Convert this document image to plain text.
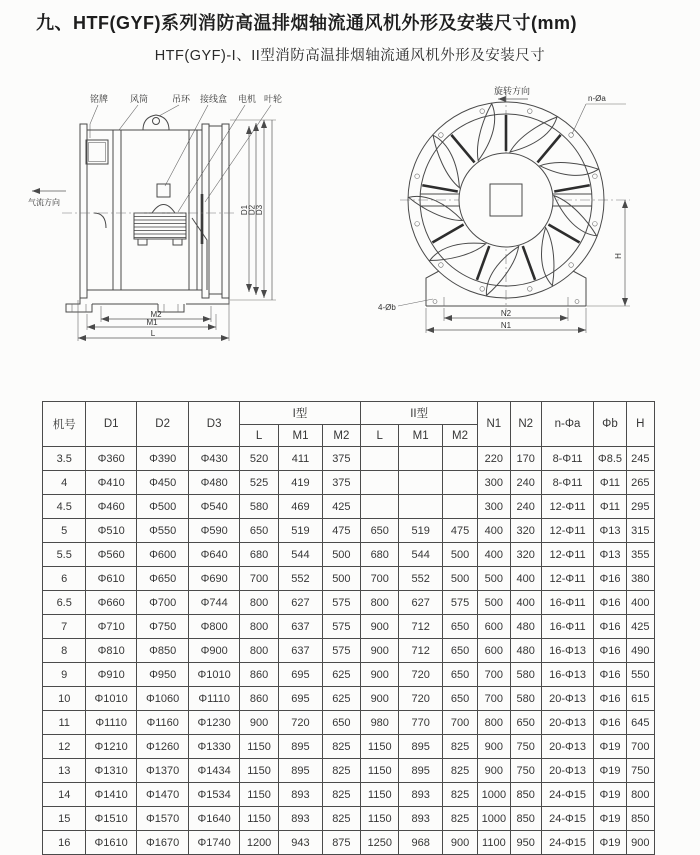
九、HTF(GYF)系列消防高温排烟轴流通风机外形及安装尺寸(mm)
HTF(GYF)-I、II型消防高温排烟轴流通风机外形及安装尺寸
铭牌 风筒	吊环 接线盒 电机 叶轮
气流方向
D1
D2
D3
M2
M1
L
旋转方向
n-Øa
4-Øb
H
N2
N1
机号	D1	D2	D3	I型			II型			N1	N2	n-Φa	Φb	H
				L	M1	M2	L	M1	M2					
3.5	Φ360	Φ390	Φ430	520	411	375				220	170	8-Φ11	Φ8.5	245
4	Φ410	Φ450	Φ480	525	419	375				300	240	8-Φ11	Φ11	265
4.5	Φ460	Φ500	Φ540	580	469	425				300	240	12-Φ11	Φ11	295
5	Φ510	Φ550	Φ590	650	519	475	650	519	475	400	320	12-Φ11	Φ13	315
5.5	Φ560	Φ600	Φ640	680	544	500	680	544	500	400	320	12-Φ11	Φ13	355
6	Φ610	Φ650	Φ690	700	552	500	700	552	500	500	400	12-Φ11	Φ16	380
6.5	Φ660	Φ700	Φ744	800	627	575	800	627	575	500	400	16-Φ11	Φ16	400
7	Φ710	Φ750	Φ800	800	637	575	900	712	650	600	480	16-Φ11	Φ16	425
8	Φ810	Φ850	Φ900	800	637	575	900	712	650	600	480	16-Φ13	Φ16	490
9	Φ910	Φ950	Φ1010	860	695	625	900	720	650	700	580	16-Φ13	Φ16	550
10	Φ1010	Φ1060	Φ1110	860	695	625	900	720	650	700	580	20-Φ13	Φ16	615
11	Φ1110	Φ1160	Φ1230	900	720	650	980	770	700	800	650	20-Φ13	Φ16	645
12	Φ1210	Φ1260	Φ1330	1150	895	825	1150	895	825	900	750	20-Φ13	Φ19	700
13	Φ1310	Φ1370	Φ1434	1150	895	825	1150	895	825	900	750	20-Φ13	Φ19	750
14	Φ1410	Φ1470	Φ1534	1150	893	825	1150	893	825	1000	850	24-Φ15	Φ19	800
15	Φ1510	Φ1570	Φ1640	1150	893	825	1150	893	825	1000	850	24-Φ15	Φ19	850
16	Φ1610	Φ1670	Φ1740	1200	943	875	1250	968	900	1100	950	24-Φ15	Φ19	900
